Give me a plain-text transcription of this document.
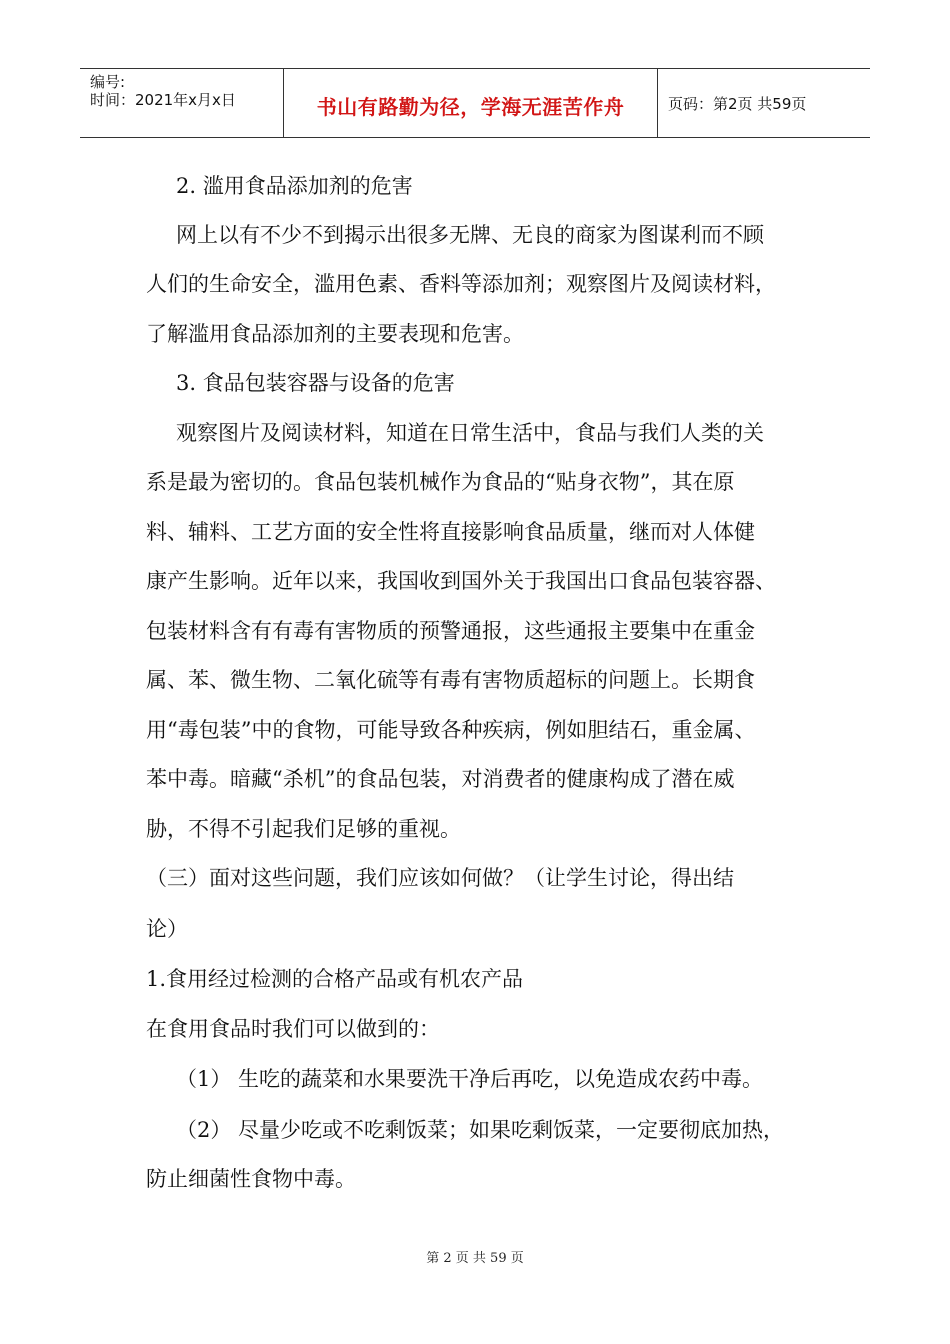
编号:
时间：2021年x月x日	书山有路勤为径，学海无涯苦作舟	页码：第2页 共59页
2. 滥用食品添加剂的危害
网上以有不少不到揭示出很多无牌、无良的商家为图谋利而不顾
人们的生命安全，滥用色素、香料等添加剂；观察图片及阅读材料，
了解滥用食品添加剂的主要表现和危害。
3. 食品包装容器与设备的危害
观察图片及阅读材料，知道在日常生活中，食品与我们人类的关
系是最为密切的。食品包装机械作为食品的“贴身衣物”，其在原
料、辅料、工艺方面的安全性将直接影响食品质量，继而对人体健
康产生影响。近年以来，我国收到国外关于我国出口食品包装容器、
包装材料含有有毒有害物质的预警通报，这些通报主要集中在重金
属、苯、微生物、二氧化硫等有毒有害物质超标的问题上。长期食
用“毒包装”中的食物，可能导致各种疾病，例如胆结石，重金属、
苯中毒。暗藏“杀机”的食品包装，对消费者的健康构成了潜在威
胁，不得不引起我们足够的重视。
（三）面对这些问题，我们应该如何做？（让学生讨论，得出结
论）
1.食用经过检测的合格产品或有机农产品
在食用食品时我们可以做到的：
（1） 生吃的蔬菜和水果要洗干净后再吃，以免造成农药中毒。
（2） 尽量少吃或不吃剩饭菜；如果吃剩饭菜，一定要彻底加热，
防止细菌性食物中毒。
第 2 页 共 59 页
